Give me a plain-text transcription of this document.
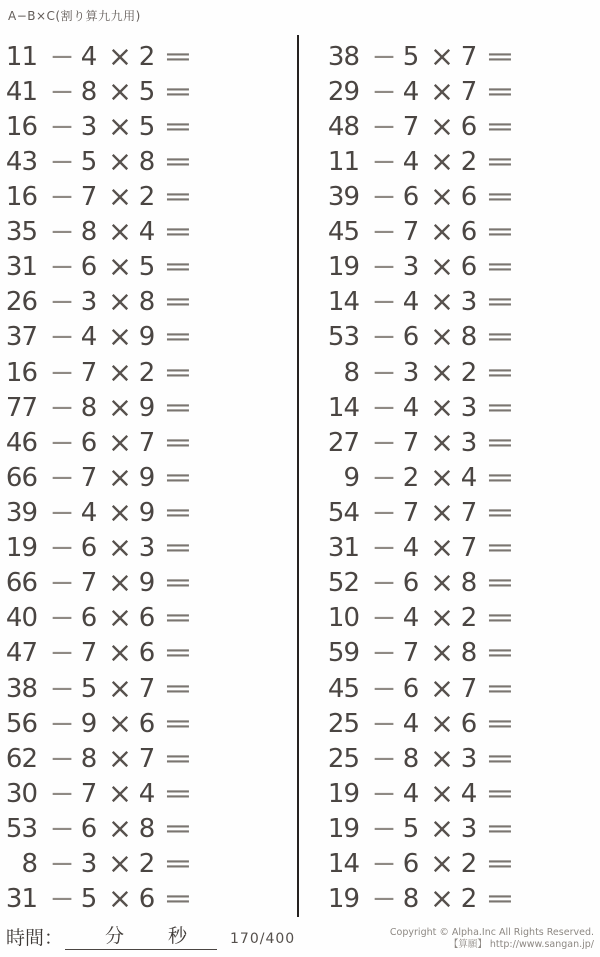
A−B×C(割り算九九用)
11 − 4 × 2 =
41 − 8 × 5 =
16 − 3 × 5 =
43 − 5 × 8 =
16 − 7 × 2 =
35 − 8 × 4 =
31 − 6 × 5 =
26 − 3 × 8 =
37 − 4 × 9 =
16 − 7 × 2 =
77 − 8 × 9 =
46 − 6 × 7 =
66 − 7 × 9 =
39 − 4 × 9 =
19 − 6 × 3 =
66 − 7 × 9 =
40 − 6 × 6 =
47 − 7 × 6 =
38 − 5 × 7 =
56 − 9 × 6 =
62 − 8 × 7 =
30 − 7 × 4 =
53 − 6 × 8 =
8 − 3 × 2 =
31 − 5 × 6 =
38 − 5 × 7 =
29 − 4 × 7 =
48 − 7 × 6 =
11 − 4 × 2 =
39 − 6 × 6 =
45 − 7 × 6 =
19 − 3 × 6 =
14 − 4 × 3 =
53 − 6 × 8 =
8 − 3 × 2 =
14 − 4 × 3 =
27 − 7 × 3 =
9 − 2 × 4 =
54 − 7 × 7 =
31 − 4 × 7 =
52 − 6 × 8 =
10 − 4 × 2 =
59 − 7 × 8 =
45 − 6 × 7 =
25 − 4 × 6 =
25 − 8 × 3 =
19 − 4 × 4 =
19 − 5 × 3 =
14 − 6 × 2 =
19 − 8 × 2 =
時間： 分 秒	170/400	Copyright © Alpha.Inc All Rights Reserved.
【算願】 http://www.sangan.jp/
